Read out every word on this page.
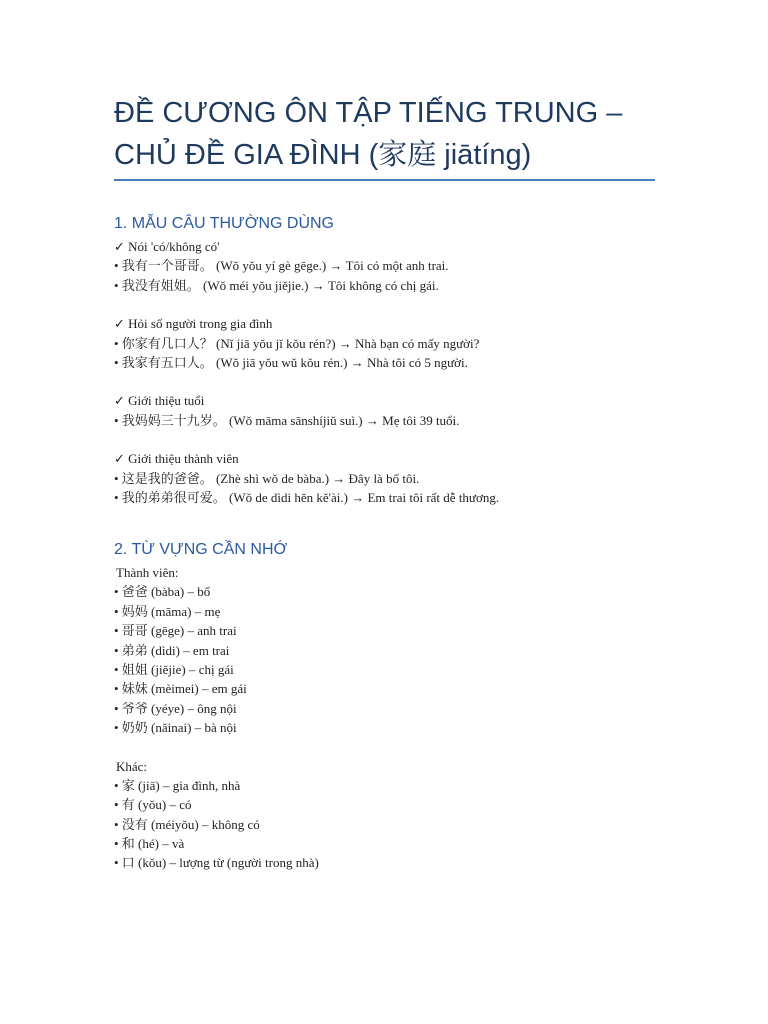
ĐỀ CƯƠNG ÔN TẬP TIẾNG TRUNG –
CHỦ ĐỀ GIA ĐÌNH (家庭 jiātíng)
1. MẪU CÂU THƯỜNG DÙNG
✓ Nói 'có/không có'
• 我有一个哥哥。 (Wǒ yǒu yí gè gēge.) → Tôi có một anh trai.
• 我没有姐姐。 (Wǒ méi yǒu jiějie.) → Tôi không có chị gái.
✓ Hỏi số người trong gia đình
• 你家有几口人？ (Nǐ jiā yǒu jǐ kǒu rén?) → Nhà bạn có mấy người?
• 我家有五口人。 (Wǒ jiā yǒu wǔ kǒu rén.) → Nhà tôi có 5 người.
✓ Giới thiệu tuổi
• 我妈妈三十九岁。 (Wǒ māma sānshíjiǔ suì.) → Mẹ tôi 39 tuổi.
✓ Giới thiệu thành viên
• 这是我的爸爸。 (Zhè shì wǒ de bàba.) → Đây là bố tôi.
• 我的弟弟很可爱。 (Wǒ de dìdi hěn kě'ài.) → Em trai tôi rất dễ thương.
2. TỪ VỰNG CẦN NHỚ
Thành viên:
• 爸爸 (bàba) – bố
• 妈妈 (māma) – mẹ
• 哥哥 (gēge) – anh trai
• 弟弟 (dìdi) – em trai
• 姐姐 (jiějie) – chị gái
• 妹妹 (mèimei) – em gái
• 爷爷 (yéye) – ông nội
• 奶奶 (nǎinai) – bà nội
Khác:
• 家 (jiā) – gia đình, nhà
• 有 (yǒu) – có
• 没有 (méiyǒu) – không có
• 和 (hé) – và
• 口 (kǒu) – lượng từ (người trong nhà)
